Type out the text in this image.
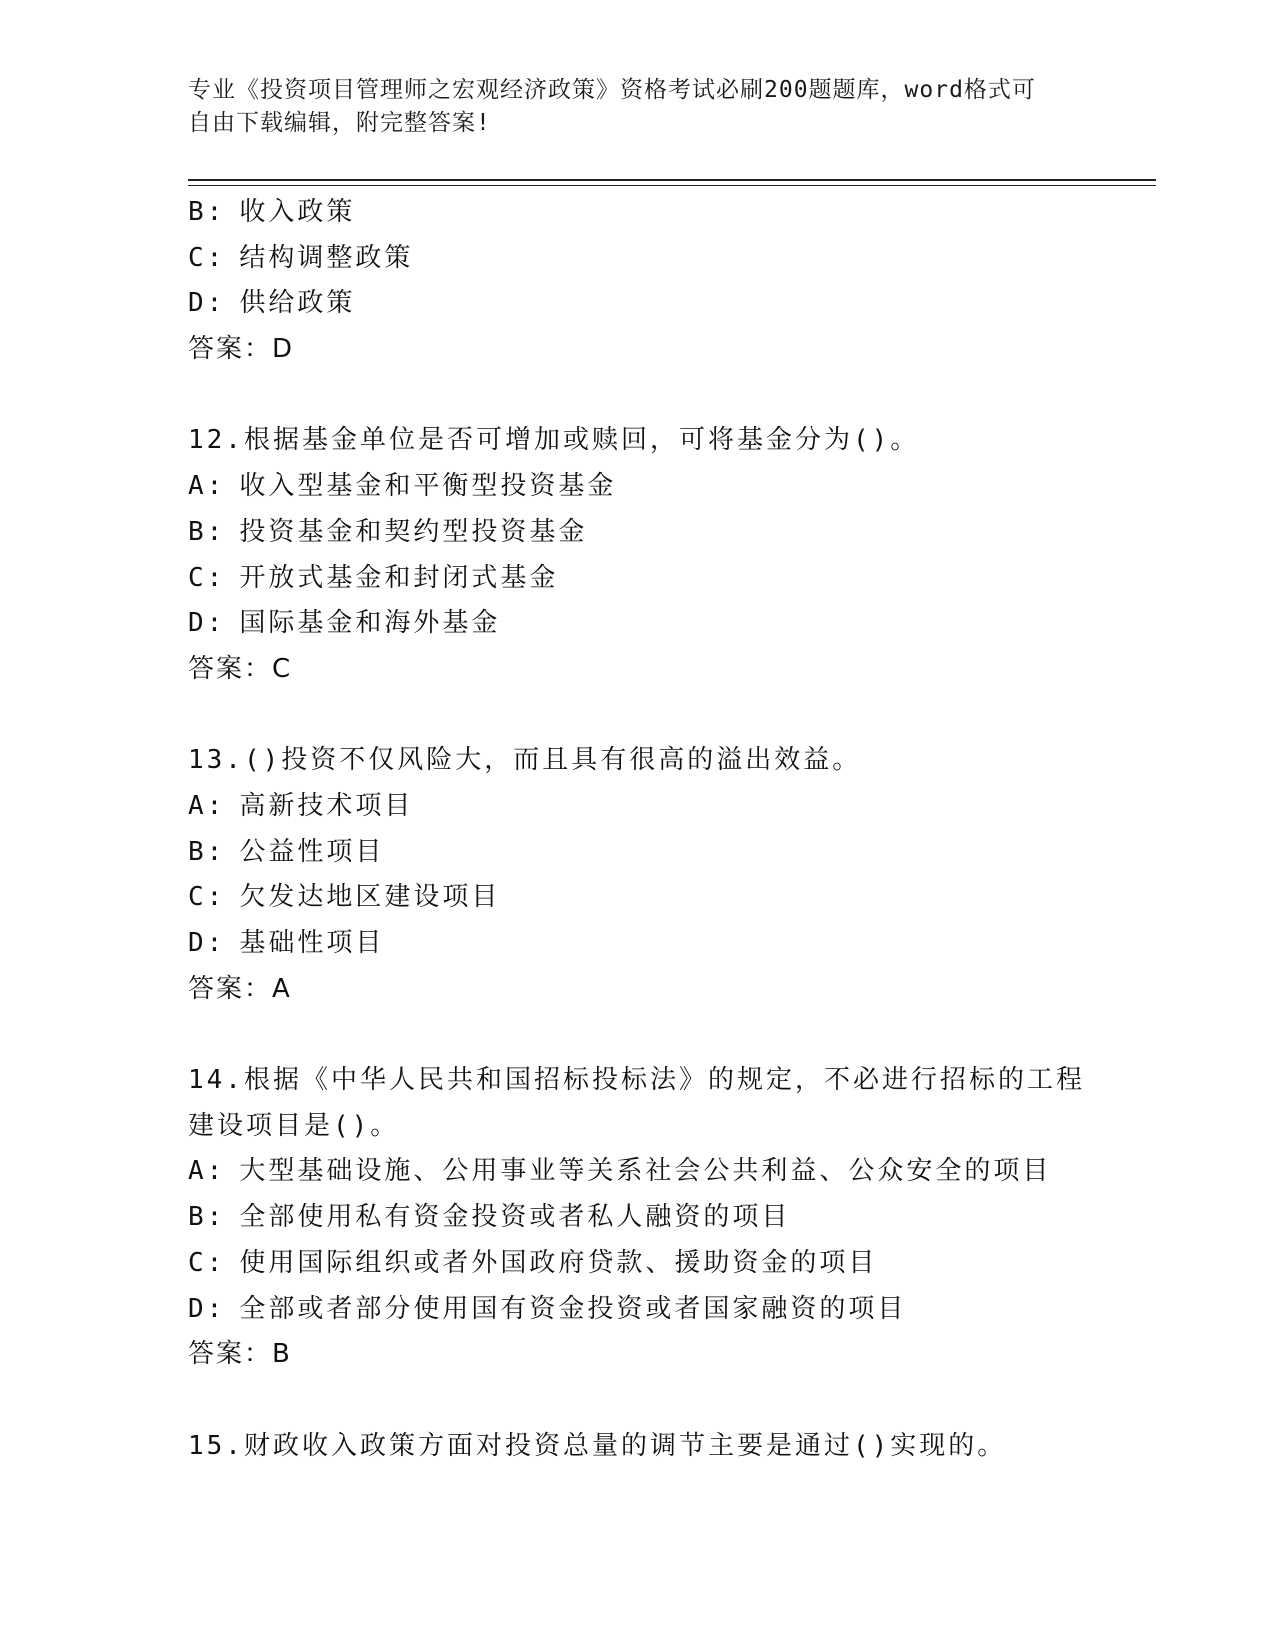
专业《投资项目管理师之宏观经济政策》资格考试必刷200题题库，word格式可
自由下载编辑，附完整答案!
B: 收入政策
C: 结构调整政策
D: 供给政策
答案：D
12.根据基金单位是否可增加或赎回，可将基金分为()。
A: 收入型基金和平衡型投资基金
B: 投资基金和契约型投资基金
C: 开放式基金和封闭式基金
D: 国际基金和海外基金
答案：C
13.()投资不仅风险大，而且具有很高的溢出效益。
A: 高新技术项目
B: 公益性项目
C: 欠发达地区建设项目
D: 基础性项目
答案：A
14.根据《中华人民共和国招标投标法》的规定，不必进行招标的工程
建设项目是()。
A: 大型基础设施、公用事业等关系社会公共利益、公众安全的项目
B: 全部使用私有资金投资或者私人融资的项目
C: 使用国际组织或者外国政府贷款、援助资金的项目
D: 全部或者部分使用国有资金投资或者国家融资的项目
答案：B
15.财政收入政策方面对投资总量的调节主要是通过()实现的。
